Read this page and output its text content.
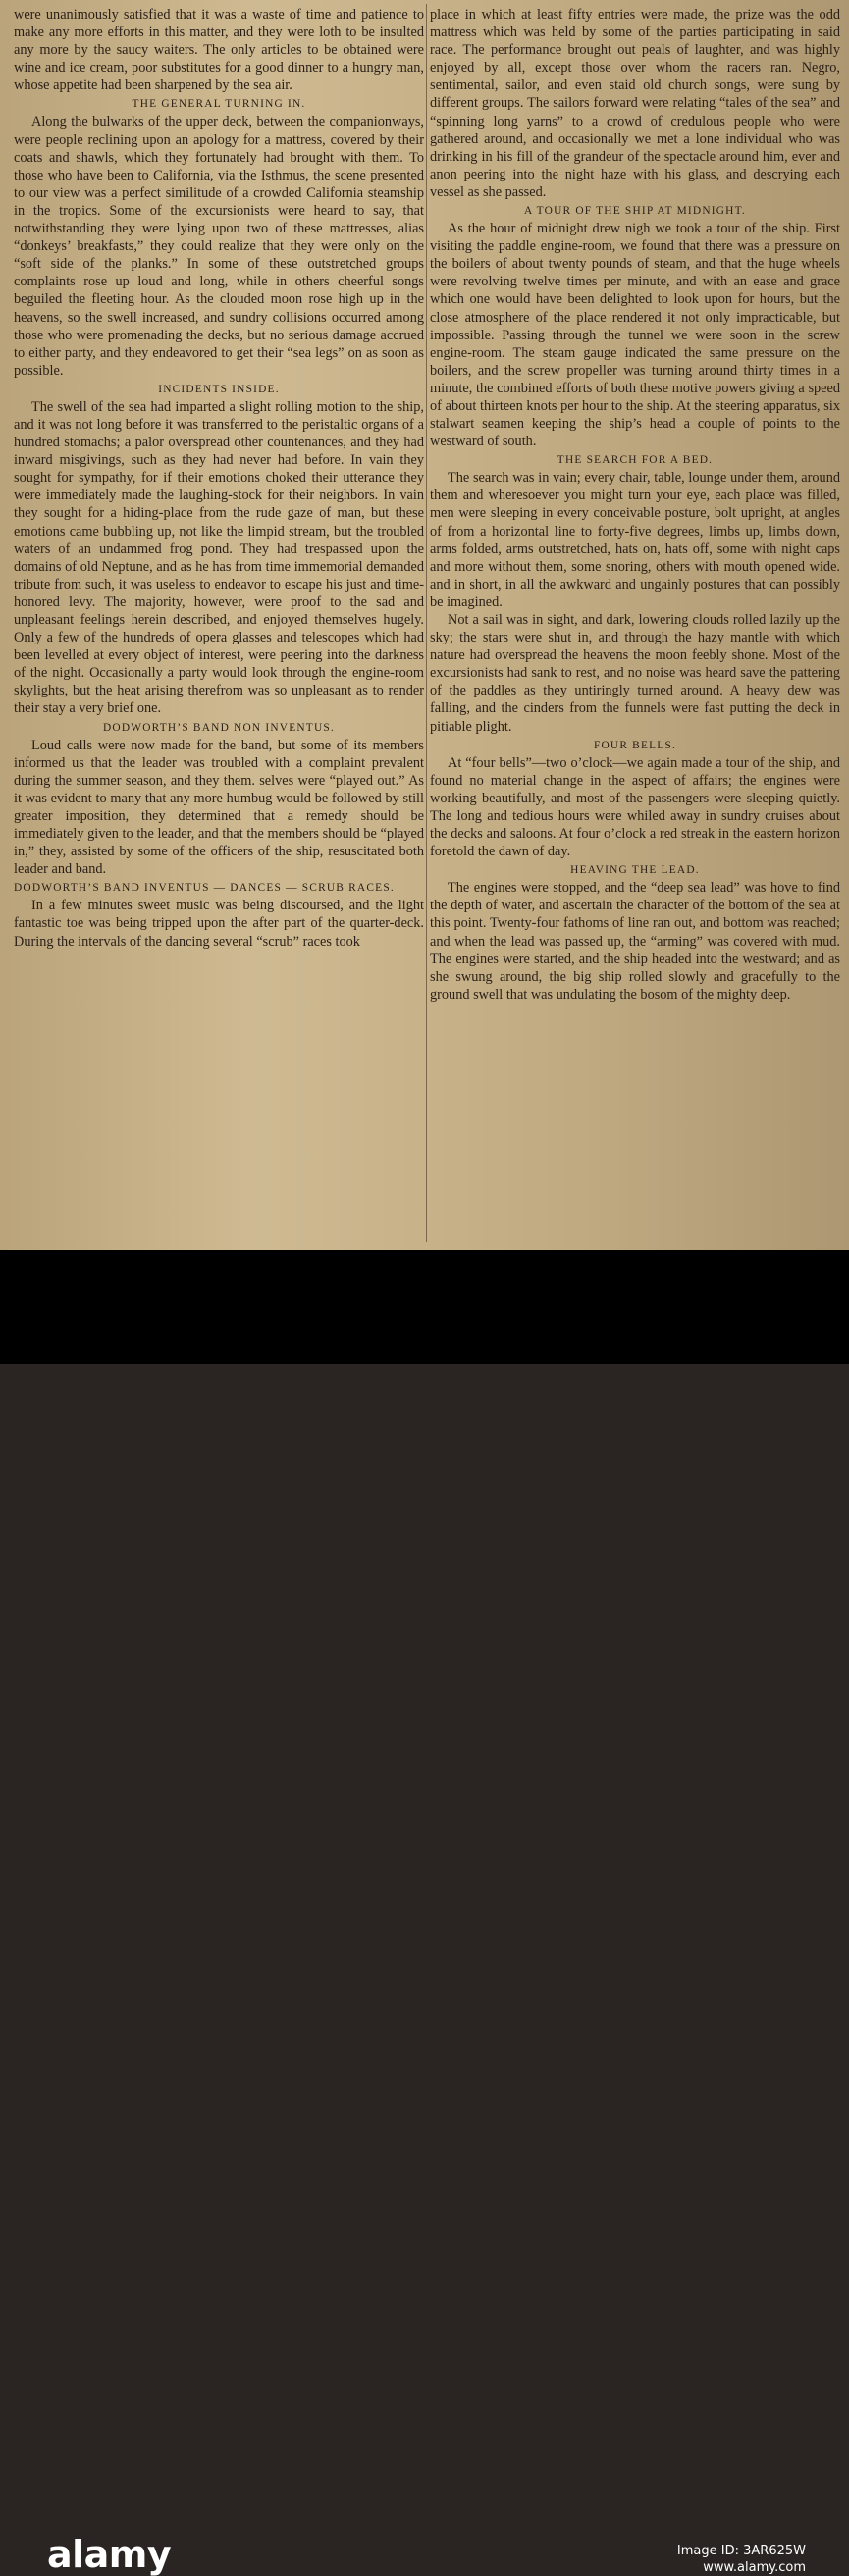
were unanimously satisfied that it was a waste of time and patience to make any more efforts in this matter, and they were loth to be insulted any more by the saucy waiters. The only articles to be obtained were wine and ice cream, poor substitutes for a good dinner to a hungry man, whose appetite had been sharpened by the sea air.

THE GENERAL TURNING IN.

Along the bulwarks of the upper deck, between the companionways, were people reclining upon an apology for a mattress, covered by their coats and shawls, which they fortunately had brought with them. To those who have been to California, via the Isthmus, the scene presented to our view was a perfect similitude of a crowded California steamship in the tropics. Some of the excursionists were heard to say, that notwithstanding they were lying upon two of these mattresses, alias “donkeys’ breakfasts,” they could realize that they were only on the “soft side of the planks.” In some of these outstretched groups complaints rose up loud and long, while in others cheerful songs beguiled the fleeting hour. As the clouded moon rose high up in the heavens, so the swell increased, and sundry collisions occurred among those who were promenading the decks, but no serious damage accrued to either party, and they endeavored to get their “sea legs” on as soon as possible.

INCIDENTS INSIDE.

The swell of the sea had imparted a slight rolling motion to the ship, and it was not long before it was transferred to the peristaltic organs of a hundred stomachs; a palor overspread other countenances, and they had inward misgivings, such as they had never had before. In vain they sought for sympathy, for if their emotions choked their utterance they were immediately made the laughing-stock for their neighbors. In vain they sought for a hiding-place from the rude gaze of man, but these emotions came bubbling up, not like the limpid stream, but the troubled waters of an undammed frog pond. They had trespassed upon the domains of old Neptune, and as he has from time immemorial demanded tribute from such, it was useless to endeavor to escape his just and time-honored levy. The majority, however, were proof to the sad and unpleasant feelings herein described, and enjoyed themselves hugely. Only a few of the hundreds of opera glasses and telescopes which had been levelled at every object of interest, were peering into the darkness of the night. Occasionally a party would look through the engine-room skylights, but the heat arising therefrom was so unpleasant as to render their stay a very brief one.

DODWORTH’S BAND NON INVENTUS.

Loud calls were now made for the band, but some of its members informed us that the leader was troubled with a complaint prevalent during the summer season, and they them. selves were “played out.” As it was evident to many that any more humbug would be followed by still greater imposition, they determined that a remedy should be immediately given to the leader, and that the members should be “played in,” they, assisted by some of the officers of the ship, resuscitated both leader and band.

DODWORTH’S BAND INVENTUS — DANCES — SCRUB RACES.

In a few minutes sweet music was being discoursed, and the light fantastic toe was being tripped upon the after part of the quarter-deck. During the intervals of the dancing several “scrub” races took

place in which at least fifty entries were made, the prize was the odd mattress which was held by some of the parties participating in said race. The performance brought out peals of laughter, and was highly enjoyed by all, except those over whom the racers ran. Negro, sentimental, sailor, and even staid old church songs, were sung by different groups. The sailors forward were relating “tales of the sea” and “spinning long yarns” to a crowd of credulous people who were gathered around, and occasionally we met a lone individual who was drinking in his fill of the grandeur of the spectacle around him, ever and anon peering into the night haze with his glass, and descrying each vessel as she passed.

A TOUR OF THE SHIP AT MIDNIGHT.

As the hour of midnight drew nigh we took a tour of the ship. First visiting the paddle engine-room, we found that there was a pressure on the boilers of about twenty pounds of steam, and that the huge wheels were revolving twelve times per minute, and with an ease and grace which one would have been delighted to look upon for hours, but the close atmosphere of the place rendered it not only impracticable, but impossible. Passing through the tunnel we were soon in the screw engine-room. The steam gauge indicated the same pressure on the boilers, and the screw propeller was turning around thirty times in a minute, the combined efforts of both these motive powers giving a speed of about thirteen knots per hour to the ship. At the steering apparatus, six stalwart seamen keeping the ship’s head a couple of points to the westward of south.

THE SEARCH FOR A BED.

The search was in vain; every chair, table, lounge under them, around them and wheresoever you might turn your eye, each place was filled, men were sleeping in every conceivable posture, bolt upright, at angles of from a horizontal line to forty-five degrees, limbs up, limbs down, arms folded, arms outstretched, hats on, hats off, some with night caps and more without them, some snoring, others with mouth opened wide. and in short, in all the awkward and ungainly postures that can possibly be imagined.

Not a sail was in sight, and dark, lowering clouds rolled lazily up the sky; the stars were shut in, and through the hazy mantle with which nature had overspread the heavens the moon feebly shone. Most of the excursionists had sank to rest, and no noise was heard save the pattering of the paddles as they untiringly turned around. A heavy dew was falling, and the cinders from the funnels were fast putting the deck in pitiable plight.

FOUR BELLS.

At “four bells”—two o’clock—we again made a tour of the ship, and found no material change in the aspect of affairs; the engines were working beautifully, and most of the passengers were sleeping quietly. The long and tedious hours were whiled away in sundry cruises about the decks and saloons. At four o’clock a red streak in the eastern horizon foretold the dawn of day.

HEAVING THE LEAD.

The engines were stopped, and the “deep sea lead” was hove to find the depth of water, and ascertain the character of the bottom of the sea at this point. Twenty-four fathoms of line ran out, and bottom was reached; and when the lead was passed up, the “arming” was covered with mud. The engines were started, and the ship headed into the westward; and as she swung around, the big ship rolled slowly and gracefully to the ground swell that was undulating the bosom of the mighty deep.

alamy	Image ID: 3AR625W
www.alamy.com
